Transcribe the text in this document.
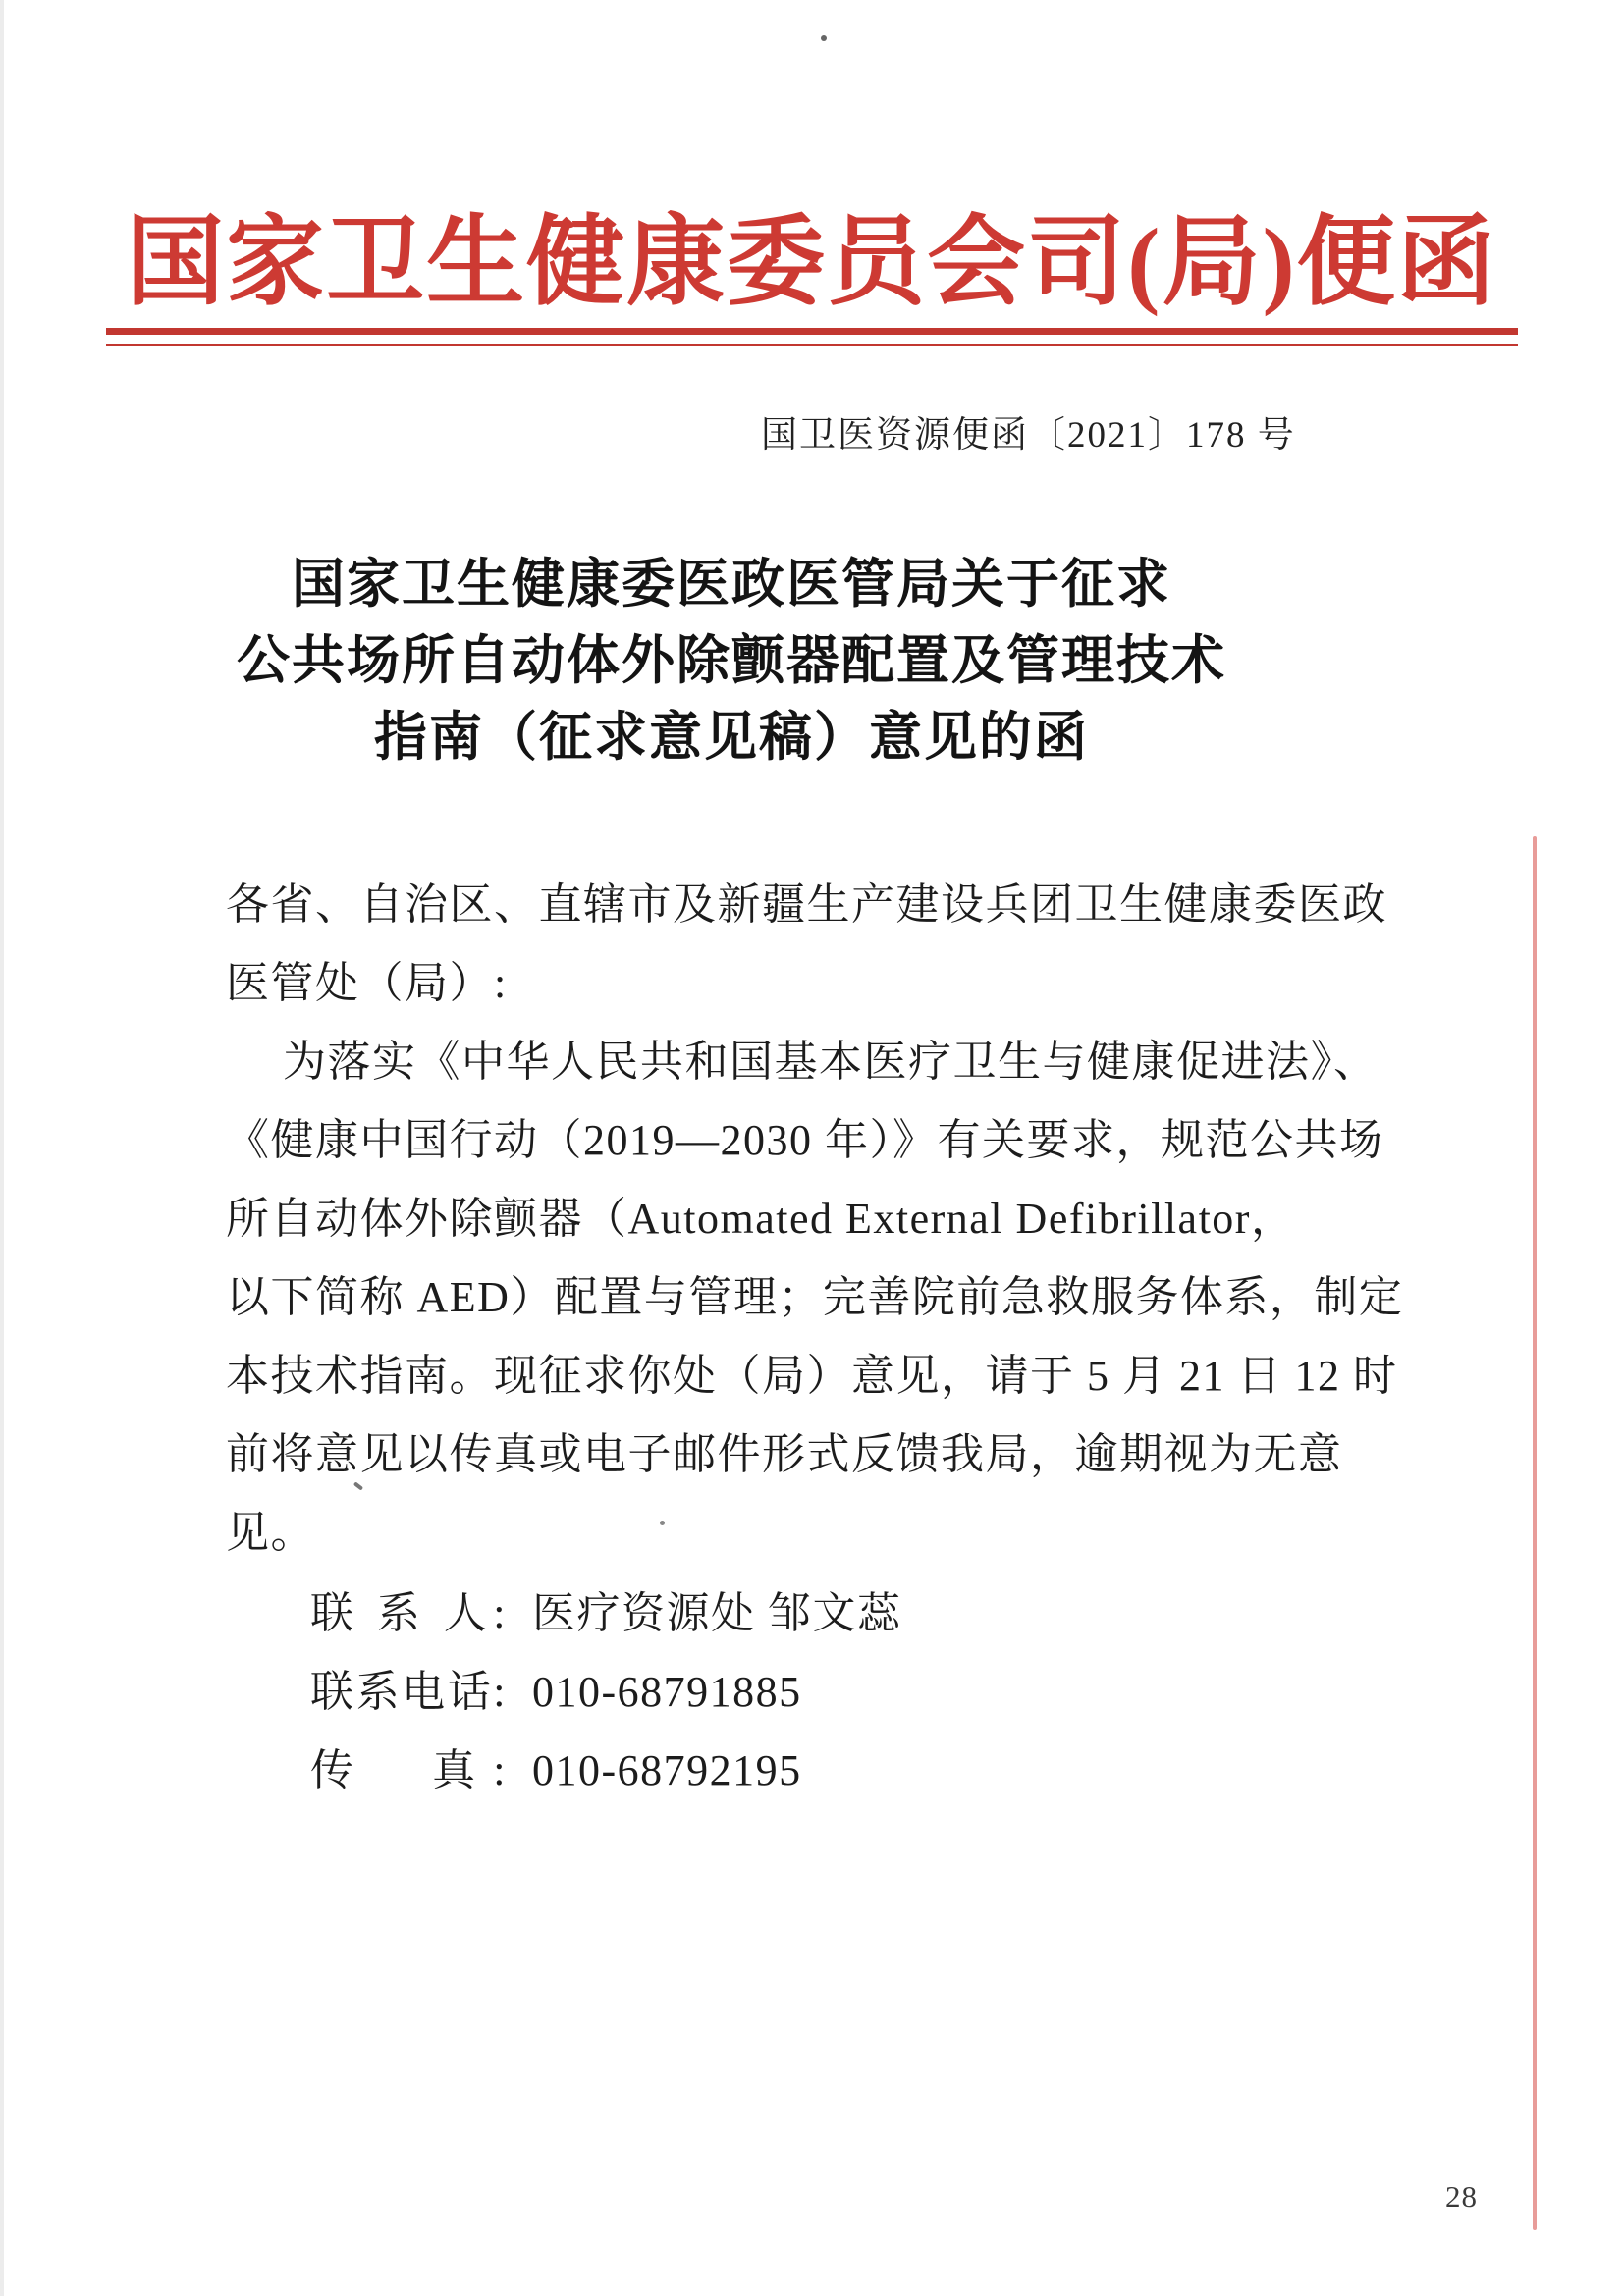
国家卫生健康委员会司(局)便函
国卫医资源便函〔2021〕178 号
国家卫生健康委医政医管局关于征求
公共场所自动体外除颤器配置及管理技术
指南（征求意见稿）意见的函
各省、自治区、直辖市及新疆生产建设兵团卫生健康委医政
医管处（局）:
为落实《中华人民共和国基本医疗卫生与健康促进法》、
《健康中国行动（2019—2030 年）》有关要求，规范公共场
所自动体外除颤器（Automated External Defibrillator，
以下简称 AED）配置与管理；完善院前急救服务体系，制定
本技术指南。现征求你处（局）意见，请于 5 月 21 日 12 时
前将意见以传真或电子邮件形式反馈我局，逾期视为无意
见。
联 系 人: 医疗资源处 邹文蕊
联系电话: 010-68791885
传　真: 010-68792195
28
